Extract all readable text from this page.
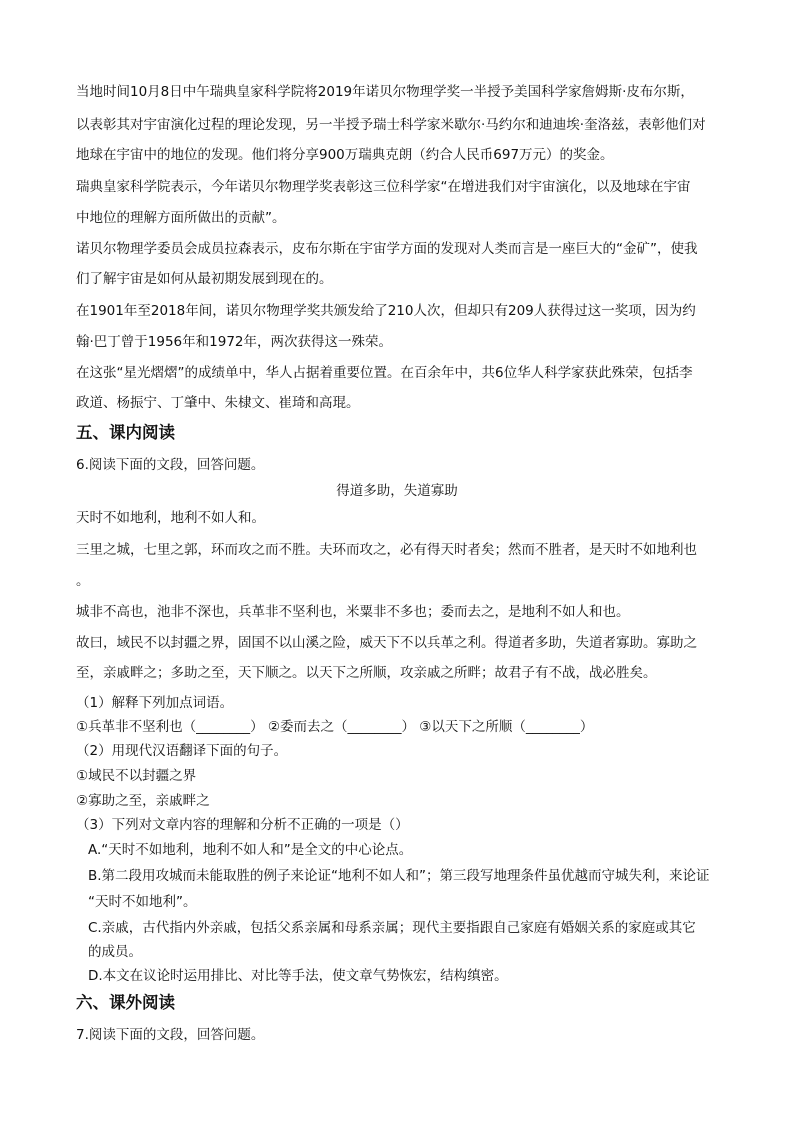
当地时间10月8日中午瑞典皇家科学院将2019年诺贝尔物理学奖一半授予美国科学家詹姆斯·皮布尔斯，
以表彰其对宇宙演化过程的理论发现，另一半授予瑞士科学家米歇尔·马约尔和迪迪埃·奎洛兹，表彰他们对
地球在宇宙中的地位的发现。他们将分享900万瑞典克朗（约合人民币697万元）的奖金。
瑞典皇家科学院表示，今年诺贝尔物理学奖表彰这三位科学家“在增进我们对宇宙演化，以及地球在宇宙
中地位的理解方面所做出的贡献”。
诺贝尔物理学委员会成员拉森表示，皮布尔斯在宇宙学方面的发现对人类而言是一座巨大的“金矿”，使我
们了解宇宙是如何从最初期发展到现在的。
在1901年至2018年间，诺贝尔物理学奖共颁发给了210人次，但却只有209人获得过这一奖项，因为约
翰·巴丁曾于1956年和1972年，两次获得这一殊荣。
在这张“星光熠熠”的成绩单中，华人占据着重要位置。在百余年中，共6位华人科学家获此殊荣，包括李
政道、杨振宁、丁肇中、朱棣文、崔琦和高琨。
五、课内阅读
6.阅读下面的文段，回答问题。
得道多助，失道寡助
天时不如地利，地利不如人和。
三里之城，七里之郭，环而攻之而不胜。夫环而攻之，必有得天时者矣；然而不胜者，是天时不如地利也
。
城非不高也，池非不深也，兵革非不坚利也，米粟非不多也；委而去之，是地利不如人和也。
故曰，域民不以封疆之界，固国不以山溪之险，威天下不以兵革之利。得道者多助，失道者寡助。寡助之
至，亲戚畔之；多助之至，天下顺之。以天下之所顺，攻亲戚之所畔；故君子有不战，战必胜矣。
（1）解释下列加点词语。
①兵革非不坚利也（________） ②委而去之（________） ③以天下之所顺（________）
（2）用现代汉语翻译下面的句子。
①域民不以封疆之界
②寡助之至，亲戚畔之
（3）下列对文章内容的理解和分析不正确的一项是（）
A.“天时不如地利，地利不如人和”是全文的中心论点。
B.第二段用攻城而未能取胜的例子来论证“地利不如人和”；第三段写地理条件虽优越而守城失利，来论证
“天时不如地利”。
C.亲戚，古代指内外亲戚，包括父系亲属和母系亲属；现代主要指跟自己家庭有婚姻关系的家庭或其它
的成员。
D.本文在议论时运用排比、对比等手法，使文章气势恢宏，结构缜密。
六、课外阅读
7.阅读下面的文段，回答问题。
